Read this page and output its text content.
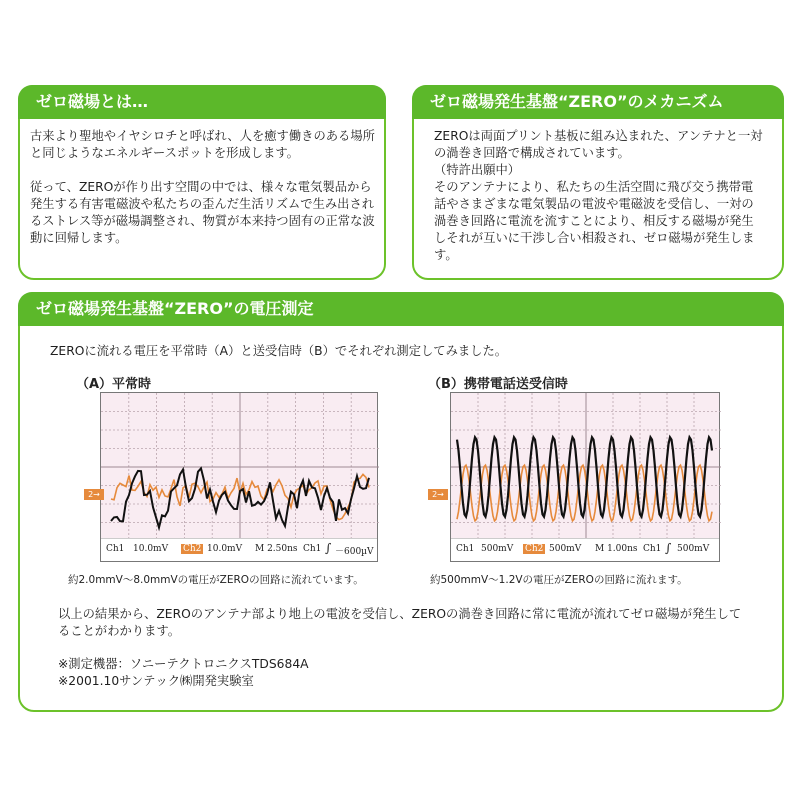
ゼロ磁場とは…

古来より聖地やイヤシロチと呼ばれ、人を癒す働きのある場所と同じようなエネルギースポットを形成します。

従って、ZEROが作り出す空間の中では、様々な電気製品から発生する有害電磁波や私たちの歪んだ生活リズムで生み出されるストレス等が磁場調整され、物質が本来持つ固有の正常な波動に回帰します。

ゼロ磁場発生基盤“ZERO”のメカニズム

ZEROは両面プリント基板に組み込まれた、アンテナと一対の渦巻き回路で構成されています。

（特許出願中）

そのアンテナにより、私たちの生活空間に飛び交う携帯電話やさまざまな電気製品の電波や電磁波を受信し、一対の渦巻き回路に電流を流すことにより、相反する磁場が発生しそれが互いに干渉し合い相殺され、ゼロ磁場が発生します。

ゼロ磁場発生基盤“ZERO”の電圧測定
ZEROに流れる電圧を平常時（A）と送受信時（B）でそれぞれ測定してみました。
（A）平常時
Ch1 10.0mV Ch2 10.0mV M 2.50ns Ch1 ∫ －600µV
2→
約2.0mmV～8.0mmVの電圧がZEROの回路に流れています。
（B）携帯電話送受信時
Ch1 500mV Ch2 500mV M 1.00ns Ch1 ∫ 500mV
2→
約500mmV～1.2Vの電圧がZEROの回路に流れます。
以上の結果から、ZEROのアンテナ部より地上の電波を受信し、ZEROの渦巻き回路に常に電流が流れてゼロ磁場が発生してることがわかります。
※測定機器：ソニーテクトロニクスTDS684A
※2001.10サンテック㈱開発実験室
